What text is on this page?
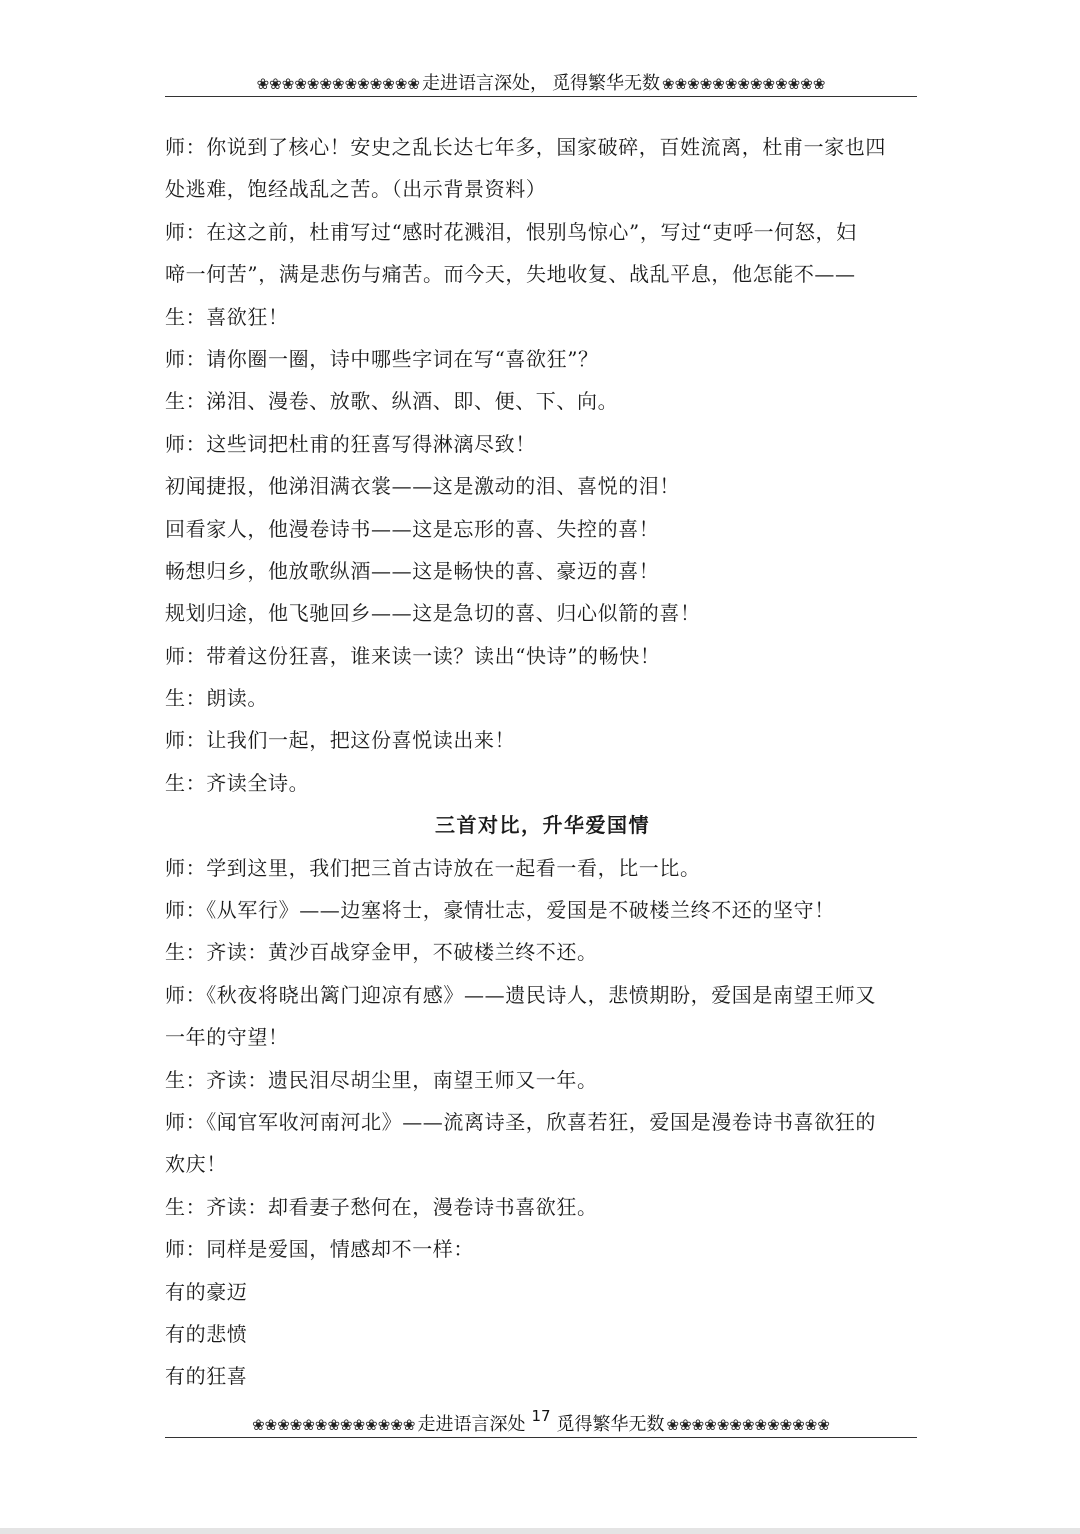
❀❀❀❀❀❀❀❀❀❀❀❀❀ 走进语言深处， 觅得繁华无数 ❀❀❀❀❀❀❀❀❀❀❀❀❀
师：你说到了核心！安史之乱长达七年多，国家破碎，百姓流离，杜甫一家也四
处逃难，饱经战乱之苦。（出示背景资料）
师：在这之前，杜甫写过“感时花溅泪，恨别鸟惊心”，写过“吏呼一何怒，妇
啼一何苦”，满是悲伤与痛苦。而今天，失地收复、战乱平息，他怎能不——
生：喜欲狂！
师：请你圈一圈，诗中哪些字词在写“喜欲狂”？
生：涕泪、漫卷、放歌、纵酒、即、便、下、向。
师：这些词把杜甫的狂喜写得淋漓尽致！
初闻捷报，他涕泪满衣裳——这是激动的泪、喜悦的泪！
回看家人，他漫卷诗书——这是忘形的喜、失控的喜！
畅想归乡，他放歌纵酒——这是畅快的喜、豪迈的喜！
规划归途，他飞驰回乡——这是急切的喜、归心似箭的喜！
师：带着这份狂喜，谁来读一读？读出“快诗”的畅快！
生：朗读。
师：让我们一起，把这份喜悦读出来！
生：齐读全诗。
三首对比，升华爱国情
师：学到这里，我们把三首古诗放在一起看一看，比一比。
师：《从军行》——边塞将士，豪情壮志，爱国是不破楼兰终不还的坚守！
生：齐读：黄沙百战穿金甲，不破楼兰终不还。
师：《秋夜将晓出篱门迎凉有感》——遗民诗人，悲愤期盼，爱国是南望王师又
一年的守望！
生：齐读：遗民泪尽胡尘里，南望王师又一年。
师：《闻官军收河南河北》——流离诗圣，欣喜若狂，爱国是漫卷诗书喜欲狂的
欢庆！
生：齐读：却看妻子愁何在，漫卷诗书喜欲狂。
师：同样是爱国，情感却不一样：
有的豪迈
有的悲愤
有的狂喜
❀❀❀❀❀❀❀❀❀❀❀❀❀ 走进语言深处 17 觅得繁华无数 ❀❀❀❀❀❀❀❀❀❀❀❀❀
